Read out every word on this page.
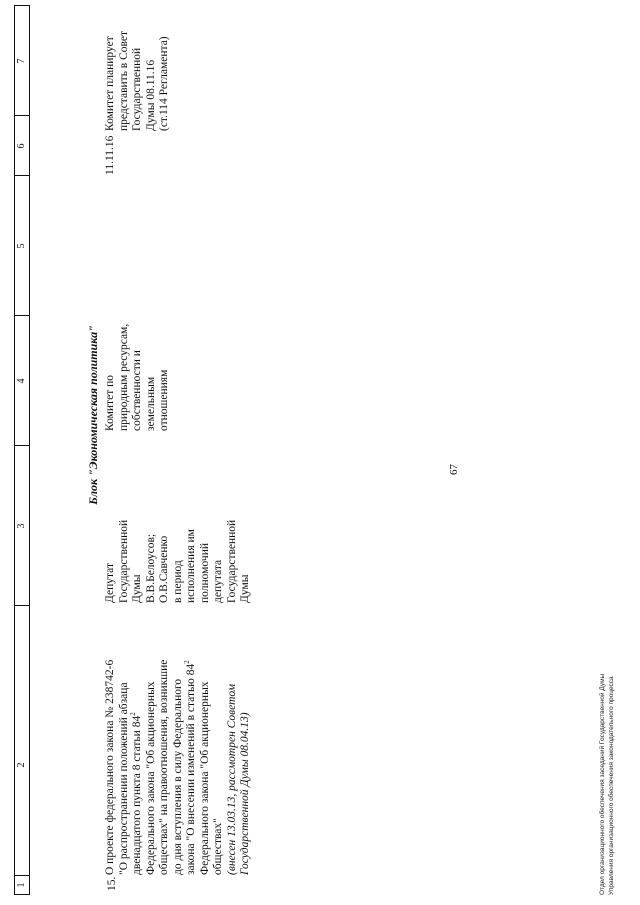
67
1
2
3
4
5
6
7
Блок "Экономическая политика"
15.
О проекте федерального закона № 238742-6 "О распространении положений абзаца двенадцатого пункта 8 статьи $84^2$ Федерального закона "Об акционерных обществах" на правоотношения, возникшие до дня вступления в силу Федерального закона "О внесении изменений в статью $84^2$
Федерального закона "Об акционерных обществах" (внесен 13.03.13, рассмотрен Советом Государственной Думы 08.04.13)
Депутат Государственной Думы В.В.Белоусов; О.В.Савченко в период исполнения им полномочий депутата Государственной Думы
Комитет по природным ресурсам, собственности и земельным отношениям
11.11.16
Комитет планирует представить в Совет Государственной Думы 08.11.16 (ст.114 Регламента)
Отдел организационного обеспечения заседаний Государственной Думы Управления организационного обеспечения законодательного процесса
